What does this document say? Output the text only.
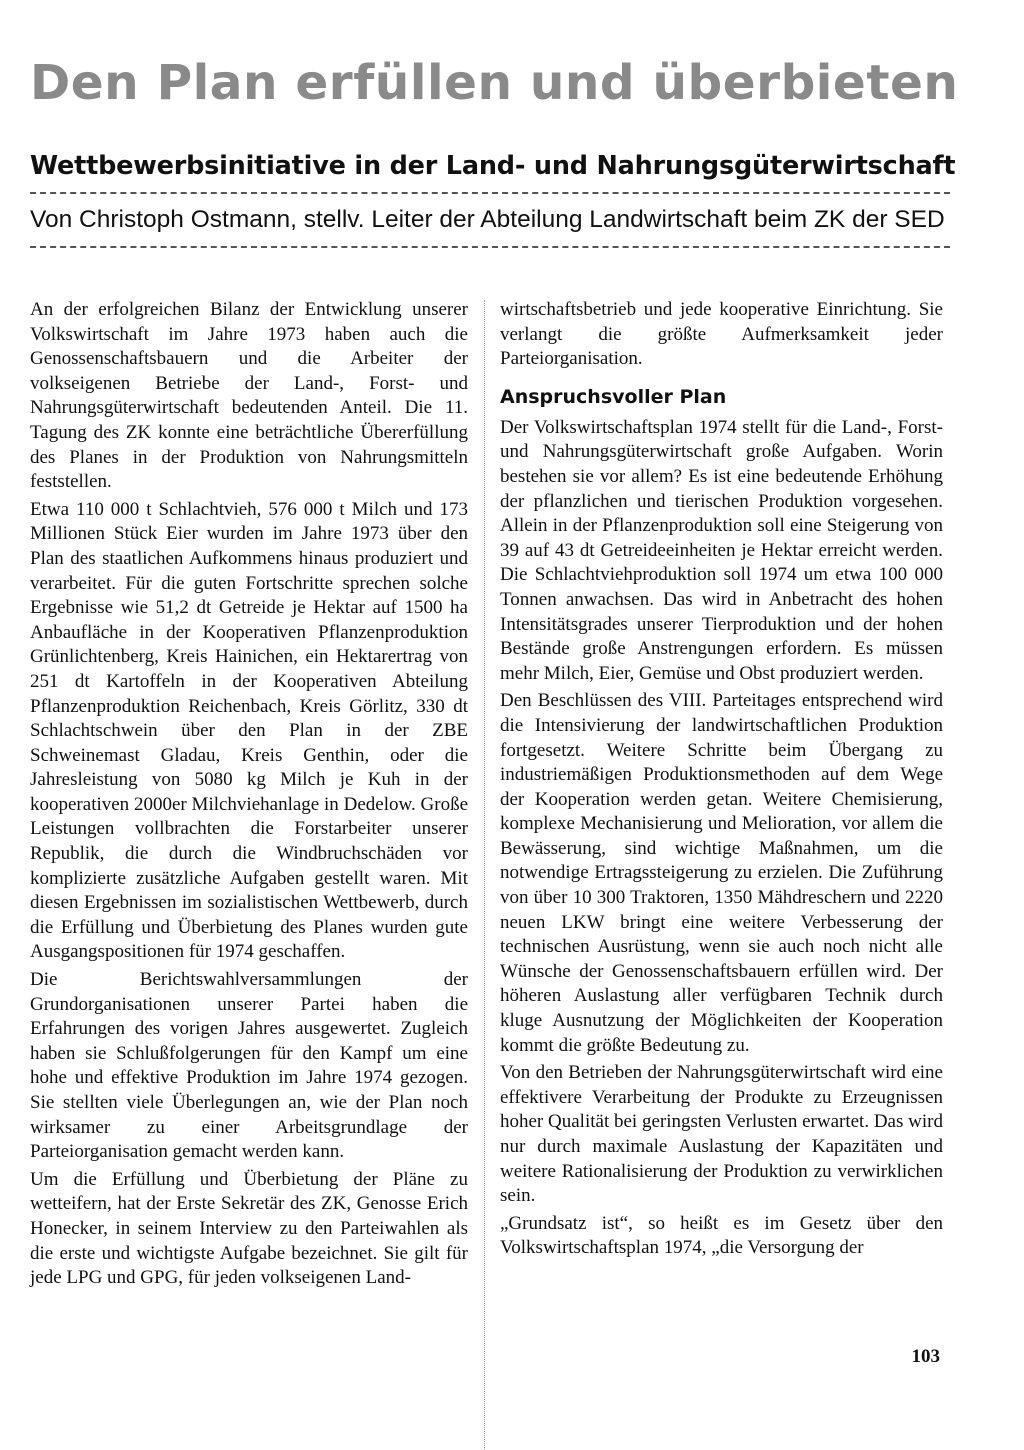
Den Plan erfüllen und überbieten
Wettbewerbsinitiative in der Land- und Nahrungsgüterwirtschaft
Von Christoph Ostmann, stellv. Leiter der Abteilung Landwirtschaft beim ZK der SED

An der erfolgreichen Bilanz der Entwicklung unserer Volkswirtschaft im Jahre 1973 haben auch die Genossenschaftsbauern und die Arbeiter der volkseigenen Betriebe der Land-, Forst- und Nahrungsgüterwirtschaft bedeutenden Anteil. Die 11. Tagung des ZK konnte eine beträchtliche Übererfüllung des Planes in der Produktion von Nahrungsmitteln feststellen.

Etwa 110 000 t Schlachtvieh, 576 000 t Milch und 173 Millionen Stück Eier wurden im Jahre 1973 über den Plan des staatlichen Aufkommens hinaus produziert und verarbeitet. Für die guten Fortschritte sprechen solche Ergebnisse wie 51,2 dt Getreide je Hektar auf 1500 ha Anbaufläche in der Kooperativen Pflanzenproduktion Grünlichtenberg, Kreis Hainichen, ein Hektarertrag von 251 dt Kartoffeln in der Kooperativen Abteilung Pflanzenproduktion Reichenbach, Kreis Görlitz, 330 dt Schlachtschwein über den Plan in der ZBE Schweinemast Gladau, Kreis Genthin, oder die Jahresleistung von 5080 kg Milch je Kuh in der kooperativen 2000er Milchviehanlage in Dedelow. Große Leistungen vollbrachten die Forstarbeiter unserer Republik, die durch die Windbruchschäden vor komplizierte zusätzliche Aufgaben gestellt waren. Mit diesen Ergebnissen im sozialistischen Wettbewerb, durch die Erfüllung und Überbietung des Planes wurden gute Ausgangspositionen für 1974 geschaffen.

Die Berichtswahlversammlungen der Grundorganisationen unserer Partei haben die Erfahrungen des vorigen Jahres ausgewertet. Zugleich haben sie Schlußfolgerungen für den Kampf um eine hohe und effektive Produktion im Jahre 1974 gezogen. Sie stellten viele Überlegungen an, wie der Plan noch wirksamer zu einer Arbeitsgrundlage der Parteiorganisation gemacht werden kann.

Um die Erfüllung und Überbietung der Pläne zu wetteifern, hat der Erste Sekretär des ZK, Genosse Erich Honecker, in seinem Interview zu den Parteiwahlen als die erste und wichtigste Aufgabe bezeichnet. Sie gilt für jede LPG und GPG, für jeden volkseigenen Land-

wirtschaftsbetrieb und jede kooperative Einrichtung. Sie verlangt die größte Aufmerksamkeit jeder Parteiorganisation.

Anspruchsvoller Plan

Der Volkswirtschaftsplan 1974 stellt für die Land-, Forst- und Nahrungsgüterwirtschaft große Aufgaben. Worin bestehen sie vor allem? Es ist eine bedeutende Erhöhung der pflanzlichen und tierischen Produktion vorgesehen. Allein in der Pflanzenproduktion soll eine Steigerung von 39 auf 43 dt Getreideeinheiten je Hektar erreicht werden. Die Schlachtviehproduktion soll 1974 um etwa 100 000 Tonnen anwachsen. Das wird in Anbetracht des hohen Intensitätsgrades unserer Tierproduktion und der hohen Bestände große Anstrengungen erfordern. Es müssen mehr Milch, Eier, Gemüse und Obst produziert werden.

Den Beschlüssen des VIII. Parteitages entsprechend wird die Intensivierung der landwirtschaftlichen Produktion fortgesetzt. Weitere Schritte beim Übergang zu industriemäßigen Produktionsmethoden auf dem Wege der Kooperation werden getan. Weitere Chemisierung, komplexe Mechanisierung und Melioration, vor allem die Bewässerung, sind wichtige Maßnahmen, um die notwendige Ertragssteigerung zu erzielen. Die Zuführung von über 10 300 Traktoren, 1350 Mähdreschern und 2220 neuen LKW bringt eine weitere Verbesserung der technischen Ausrüstung, wenn sie auch noch nicht alle Wünsche der Genossenschaftsbauern erfüllen wird. Der höheren Auslastung aller verfügbaren Technik durch kluge Ausnutzung der Möglichkeiten der Kooperation kommt die größte Bedeutung zu.

Von den Betrieben der Nahrungsgüterwirtschaft wird eine effektivere Verarbeitung der Produkte zu Erzeugnissen hoher Qualität bei geringsten Verlusten erwartet. Das wird nur durch maximale Auslastung der Kapazitäten und weitere Rationalisierung der Produktion zu verwirklichen sein.

„Grundsatz ist“, so heißt es im Gesetz über den Volkswirtschaftsplan 1974, „die Versorgung der

103
